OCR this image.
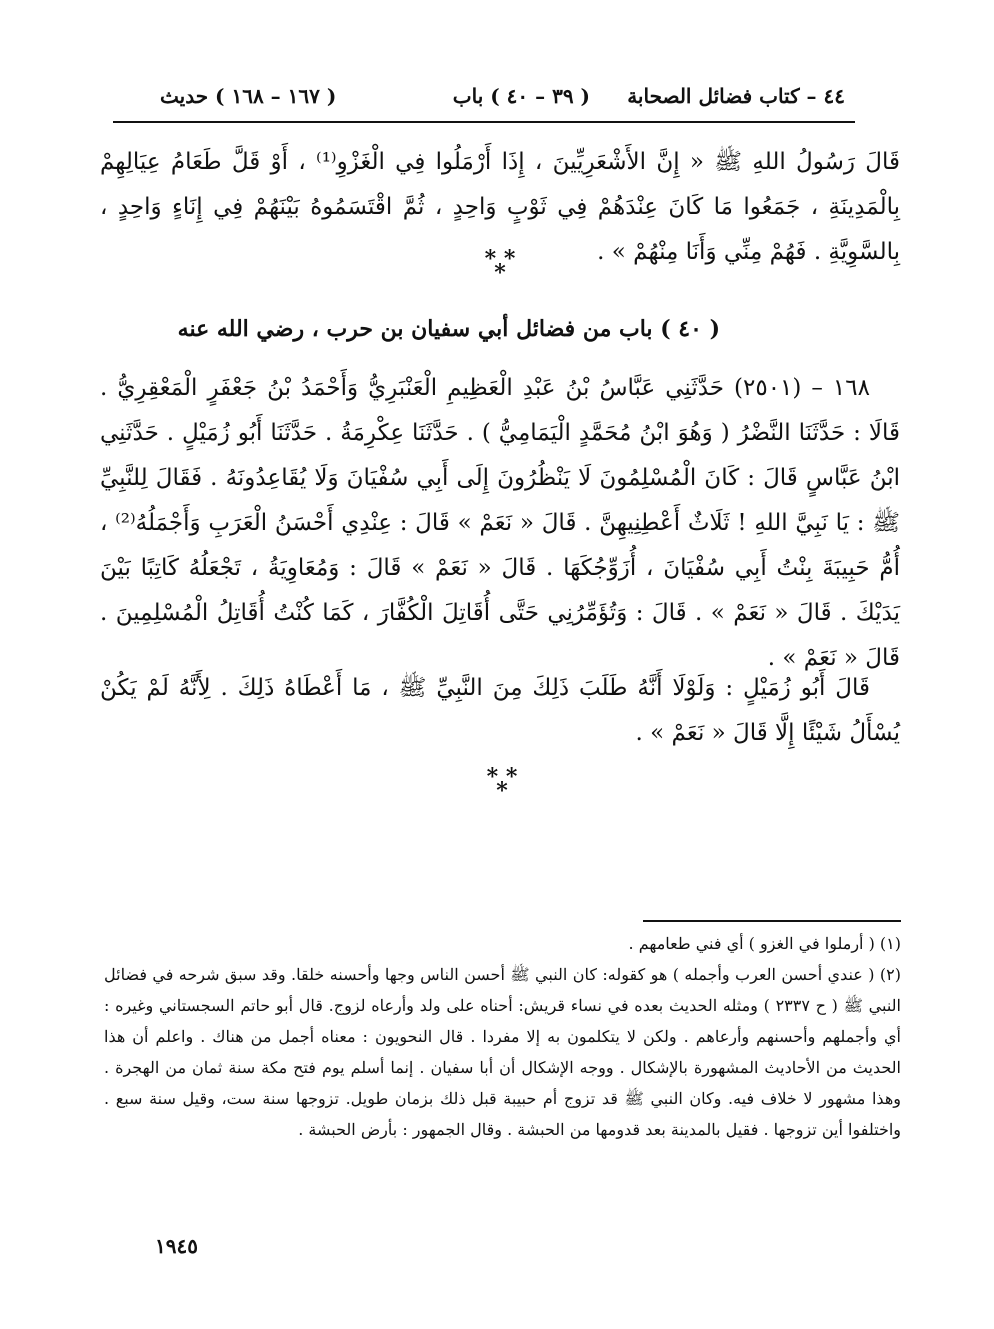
٤٤ – كتاب فضائل الصحابة
( ٣٩ – ٤٠ ) باب
( ١٦٧ – ١٦٨ ) حديث

قَالَ رَسُولُ اللهِ ﷺ « إِنَّ الأَشْعَرِيِّينَ ، إِذَا أَرْمَلُوا فِي الْغَزْوِ⁽¹⁾ ، أَوْ قَلَّ طَعَامُ عِيَالِهِمْ بِالْمَدِينَةِ ، جَمَعُوا مَا كَانَ عِنْدَهُمْ فِي ثَوْبٍ وَاحِدٍ ، ثُمَّ اقْتَسَمُوهُ بَيْنَهُمْ فِي إِنَاءٍ وَاحِدٍ ، بِالسَّوِيَّةِ . فَهُمْ مِنِّي وَأَنَا مِنْهُمْ » .

* *
*
( ٤٠ ) باب من فضائل أبي سفيان بن حرب ، رضي الله عنه

١٦٨ – (٢٥٠١) حَدَّثَنِي عَبَّاسُ بْنُ عَبْدِ الْعَظِيمِ الْعَنْبَرِيُّ وَأَحْمَدُ بْنُ جَعْفَرٍ الْمَعْقِرِيُّ . قَالَا : حَدَّثَنَا النَّضْرُ ( وَهُوَ ابْنُ مُحَمَّدٍ الْيَمَامِيُّ ) . حَدَّثَنَا عِكْرِمَةُ . حَدَّثَنَا أَبُو زُمَيْلٍ . حَدَّثَنِي ابْنُ عَبَّاسٍ قَالَ : كَانَ الْمُسْلِمُونَ لَا يَنْظُرُونَ إِلَى أَبِي سُفْيَانَ وَلَا يُقَاعِدُونَهُ . فَقَالَ لِلنَّبِيِّ ﷺ : يَا نَبِيَّ اللهِ ! ثَلَاثٌ أَعْطِنِيهِنَّ . قَالَ « نَعَمْ » قَالَ : عِنْدِي أَحْسَنُ الْعَرَبِ وَأَجْمَلُهُ⁽²⁾ ، أُمُّ حَبِيبَةَ بِنْتُ أَبِي سُفْيَانَ ، أُزَوِّجُكَهَا . قَالَ « نَعَمْ » قَالَ : وَمُعَاوِيَةُ ، تَجْعَلُهُ كَاتِبًا بَيْنَ يَدَيْكَ . قَالَ « نَعَمْ » . قَالَ : وَتُؤَمِّرُنِي حَتَّى أُقَاتِلَ الْكُفَّارَ ، كَمَا كُنْتُ أُقَاتِلُ الْمُسْلِمِينَ . قَالَ « نَعَمْ » .

قَالَ أَبُو زُمَيْلٍ : وَلَوْلَا أَنَّهُ طَلَبَ ذَلِكَ مِنَ النَّبِيِّ ﷺ ، مَا أَعْطَاهُ ذَلِكَ . لِأَنَّهُ لَمْ يَكُنْ يُسْأَلُ شَيْئًا إِلَّا قَالَ « نَعَمْ » .

* *
*

(١) ( أرملوا في الغزو ) أي فني طعامهم .

(٢) ( عندي أحسن العرب وأجمله ) هو كقوله: كان النبي ﷺ أحسن الناس وجها وأحسنه خلقا. وقد سبق شرحه في فضائل النبي ﷺ ( ح ٢٣٣٧ ) ومثله الحديث بعده في نساء قريش: أحناه على ولد وأرعاه لزوج. قال أبو حاتم السجستاني وغيره : أي وأجملهم وأحسنهم وأرعاهم . ولكن لا يتكلمون به إلا مفردا . قال النحويون : معناه أجمل من هناك . واعلم أن هذا الحديث من الأحاديث المشهورة بالإشكال . ووجه الإشكال أن أبا سفيان . إنما أسلم يوم فتح مكة سنة ثمان من الهجرة . وهذا مشهور لا خلاف فيه. وكان النبي ﷺ قد تزوج أم حبيبة قبل ذلك بزمان طويل. تزوجها سنة ست، وقيل سنة سبع . واختلفوا أين تزوجها . فقيل بالمدينة بعد قدومها من الحبشة . وقال الجمهور : بأرض الحبشة .

١٩٤٥
